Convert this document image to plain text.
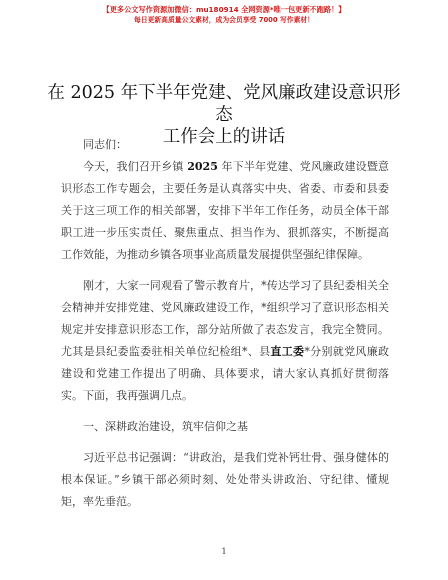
【更多公文写作资源加微信：mu180914 全网资源*唯一包更新不跑路！】
每日更新高质量公文素材，成为会员享受 7000 写作素材！
在 2025 年下半年党建、党风廉政建设意识形态
工作会上的讲话

同志们：

今天，我们召开乡镇 2025 年下半年党建、党风廉政建设暨意识形态工作专题会，主要任务是认真落实中央、省委、市委和县委关于这三项工作的相关部署，安排下半年工作任务，动员全体干部职工进一步压实责任、聚焦重点、担当作为、狠抓落实，不断提高工作效能，为推动乡镇各项事业高质量发展提供坚强纪律保障。

刚才，大家一同观看了警示教育片，*传达学习了县纪委相关全会精神并安排党建、党风廉政建设工作，*组织学习了意识形态相关规定并安排意识形态工作，部分站所做了表态发言，我完全赞同。尤其是县纪委监委驻相关单位纪检组*、县直工委*分别就党风廉政建设和党建工作提出了明确、具体要求，请大家认真抓好贯彻落实。下面，我再强调几点。

一、深耕政治建设，筑牢信仰之基

习近平总书记强调：“讲政治，是我们党补钙壮骨、强身健体的根本保证。”乡镇干部必须时刻、处处带头讲政治、守纪律、懂规矩，率先垂范。

1
